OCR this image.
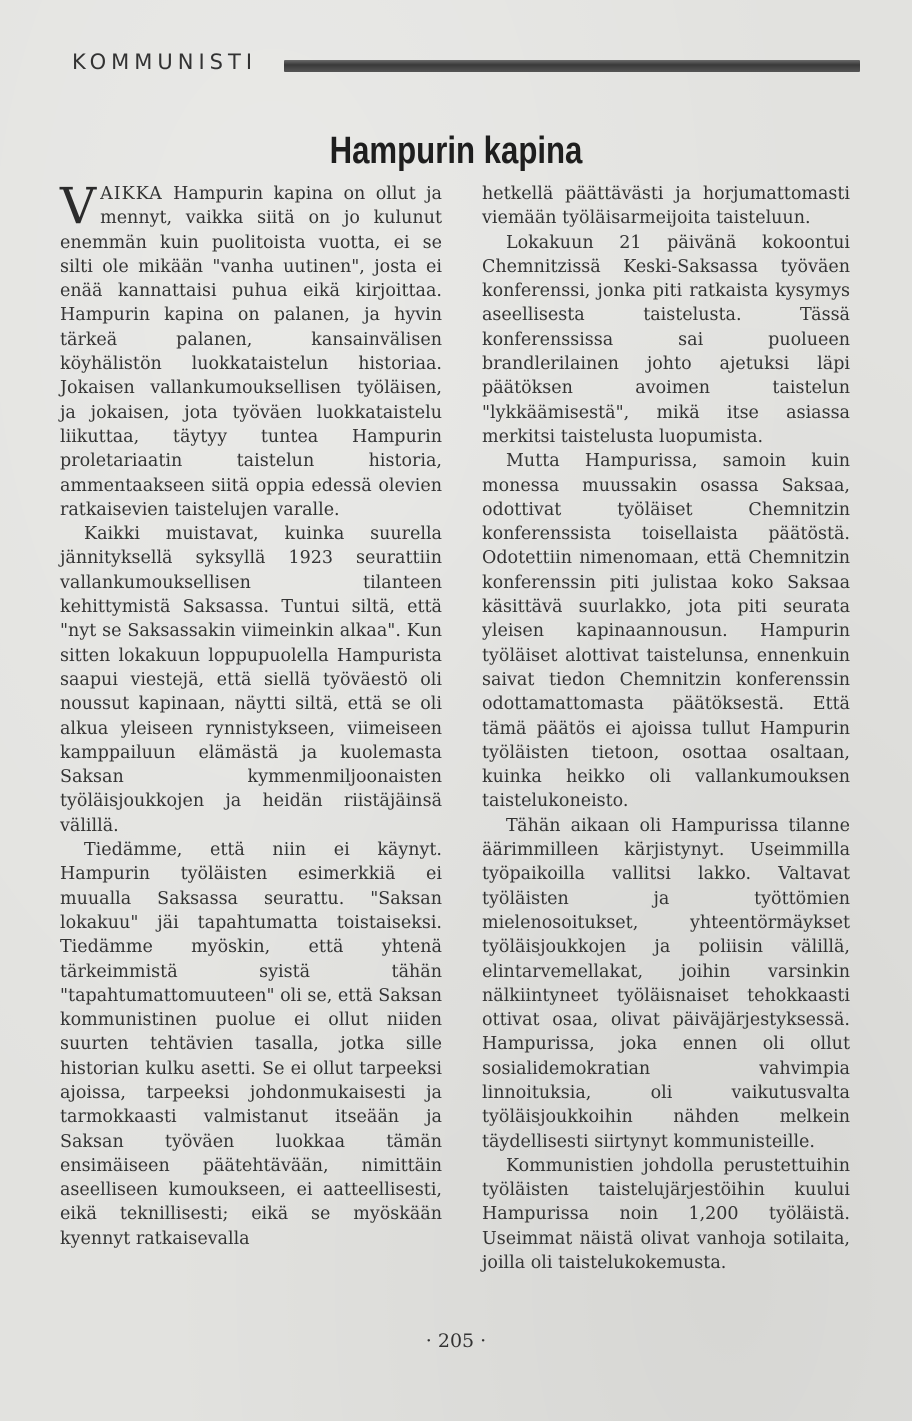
KOMMUNISTI
Hampurin kapina

VAIKKA Hampurin kapina on ollut ja mennyt, vaikka siitä on jo kulunut enemmän kuin puolitoista vuotta, ei se silti ole mikään "vanha uutinen", josta ei enää kannattaisi puhua eikä kirjoittaa. Hampurin kapina on palanen, ja hyvin tärkeä palanen, kansainvälisen köyhälistön luokkataistelun historiaa. Jokaisen vallankumouksellisen työläisen, ja jokaisen, jota työväen luokkataistelu liikuttaa, täytyy tuntea Hampurin proletariaatin taistelun historia, ammentaakseen siitä oppia edessä olevien ratkaisevien taistelujen varalle.

Kaikki muistavat, kuinka suurella jännityksellä syksyllä 1923 seurattiin vallankumouksellisen tilanteen kehittymistä Saksassa. Tuntui siltä, että "nyt se Saksassakin viimeinkin alkaa". Kun sitten lokakuun loppupuolella Hampurista saapui viestejä, että siellä työväestö oli noussut kapinaan, näytti siltä, että se oli alkua yleiseen rynnistykseen, viimeiseen kamppailuun elämästä ja kuolemasta Saksan kymmenmiljoonaisten työläisjoukkojen ja heidän riistäjäinsä välillä.

Tiedämme, että niin ei käynyt. Hampurin työläisten esimerkkiä ei muualla Saksassa seurattu. "Saksan lokakuu" jäi tapahtumatta toistaiseksi. Tiedämme myöskin, että yhtenä tärkeimmistä syistä tähän "tapahtumattomuuteen" oli se, että Saksan kommunistinen puolue ei ollut niiden suurten tehtävien tasalla, jotka sille historian kulku asetti. Se ei ollut tarpeeksi ajoissa, tarpeeksi johdonmukaisesti ja tarmokkaasti valmistanut itseään ja Saksan työväen luokkaa tämän ensimäiseen päätehtävään, nimittäin aseelliseen kumoukseen, ei aatteellisesti, eikä teknillisesti; eikä se myöskään kyennyt ratkaisevalla

hetkellä päättävästi ja horjumattomasti viemään työläisarmeijoita taisteluun.

Lokakuun 21 päivänä kokoontui Chemnitzissä Keski-Saksassa työväen konferenssi, jonka piti ratkaista kysymys aseellisesta taistelusta. Tässä konferenssissa sai puolueen brandlerilainen johto ajetuksi läpi päätöksen avoimen taistelun "lykkäämisestä", mikä itse asiassa merkitsi taistelusta luopumista.

Mutta Hampurissa, samoin kuin monessa muussakin osassa Saksaa, odottivat työläiset Chemnitzin konferenssista toisellaista päätöstä. Odotettiin nimenomaan, että Chemnitzin konferenssin piti julistaa koko Saksaa käsittävä suurlakko, jota piti seurata yleisen kapinaannousun. Hampurin työläiset alottivat taistelunsa, ennenkuin saivat tiedon Chemnitzin konferenssin odottamattomasta päätöksestä. Että tämä päätös ei ajoissa tullut Hampurin työläisten tietoon, osottaa osaltaan, kuinka heikko oli vallankumouksen taistelukoneisto.

Tähän aikaan oli Hampurissa tilanne äärimmilleen kärjistynyt. Useimmilla työpaikoilla vallitsi lakko. Valtavat työläisten ja työttömien mielenosoitukset, yhteentörmäykset työläisjoukkojen ja poliisin välillä, elintarvemellakat, joihin varsinkin nälkiintyneet työläisnaiset tehokkaasti ottivat osaa, olivat päiväjärjestyksessä. Hampurissa, joka ennen oli ollut sosialidemokratian vahvimpia linnoituksia, oli vaikutusvalta työläisjoukkoihin nähden melkein täydellisesti siirtynyt kommunisteille.

Kommunistien johdolla perustettuihin työläisten taistelujärjestöihin kuului Hampurissa noin 1,200 työläistä. Useimmat näistä olivat vanhoja sotilaita, joilla oli taistelukokemusta.

· 205 ·
